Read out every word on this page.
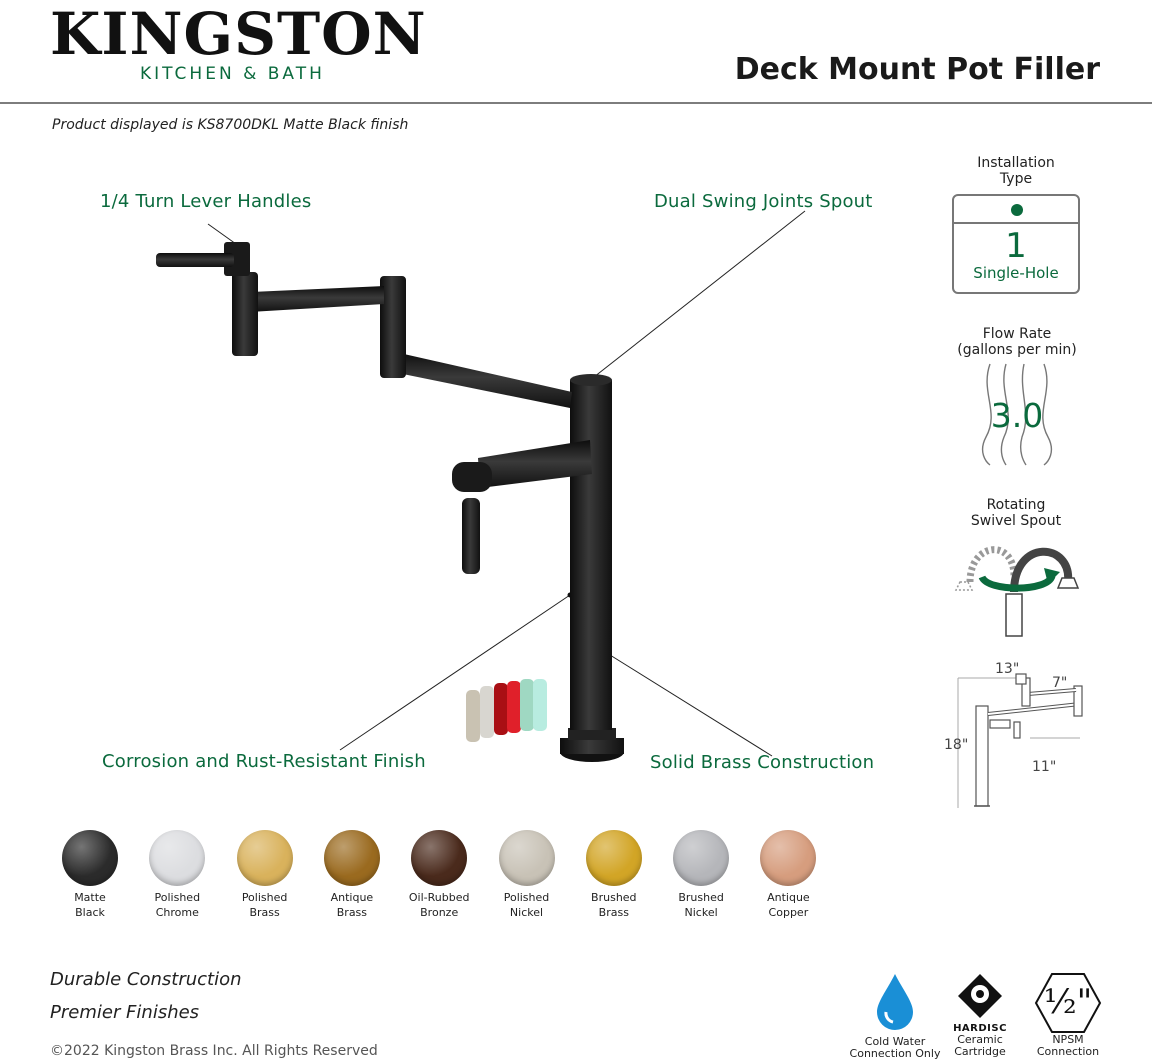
KINGSTON
KITCHEN & BATH	Deck Mount Pot Filler
Product displayed is KS8700DKL Matte Black finish
1/4 Turn Lever Handles	Dual Swing Joints Spout
Corrosion and Rust-Resistant Finish	Solid Brass Construction
Installation
Type
1
Single-Hole
Flow Rate
(gallons per min)
3.0
Rotating
Swivel Spout
13"
7"
18"
11"
Matte
Black
Polished
Chrome
Polished
Brass
Antique
Brass
Oil-Rubbed
Bronze
Polished
Nickel
Brushed
Brass
Brushed
Nickel
Antique
Copper
Durable Construction
Premier Finishes
©2022 Kingston Brass Inc. All Rights Reserved
Cold Water
Connection Only
HARDISC
Ceramic
Cartridge
½"
NPSM
Connection
